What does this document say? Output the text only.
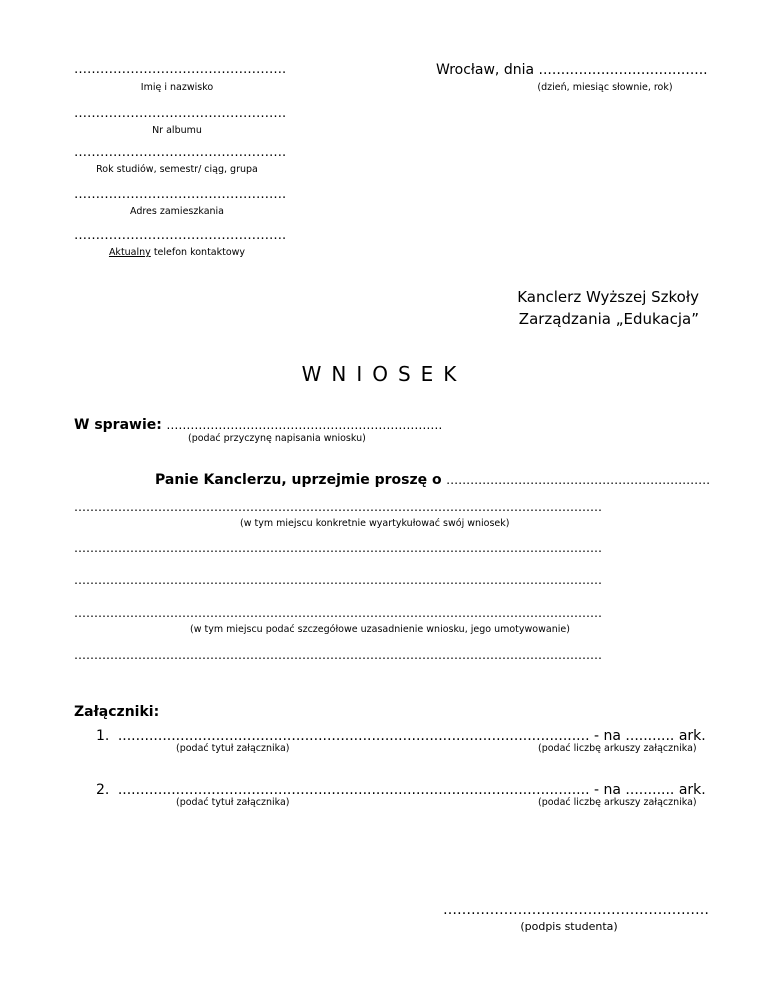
………………………………………….
Imię i nazwisko
………………………………………….
Nr albumu
………………………………………….
Rok studiów, semestr/ ciąg, grupa
………………………………………….
Adres zamieszkania
………………………………………….
Aktualny telefon kontaktowy
Wrocław, dnia ......................................
(dzień, miesiąc słownie, rok)
Kanclerz Wyższej Szkoły
Zarządzania „Edukacja”
WNIOSEK
W sprawie: ……………………………………………………………
(podać przyczynę napisania wniosku)
Panie Kanclerzu, uprzejmie proszę o …………………………………………………………
……………………………………………………………………………………………………………………
(w tym miejscu konkretnie wyartykułować swój wniosek)
……………………………………………………………………………………………………………………
……………………………………………………………………………………………………………………
……………………………………………………………………………………………………………………
(w tym miejscu podać szczegółowe uzasadnienie wniosku, jego umotywowanie)
……………………………………………………………………………………………………………………
Załączniki:
1. .......................................................................................................... - na ........... ark.
(podać tytuł załącznika)	(podać liczbę arkuszy załącznika)
2. .......................................................................................................... - na ........... ark.
(podać tytuł załącznika)	(podać liczbę arkuszy załącznika)
…………………………………………………
(podpis studenta)
